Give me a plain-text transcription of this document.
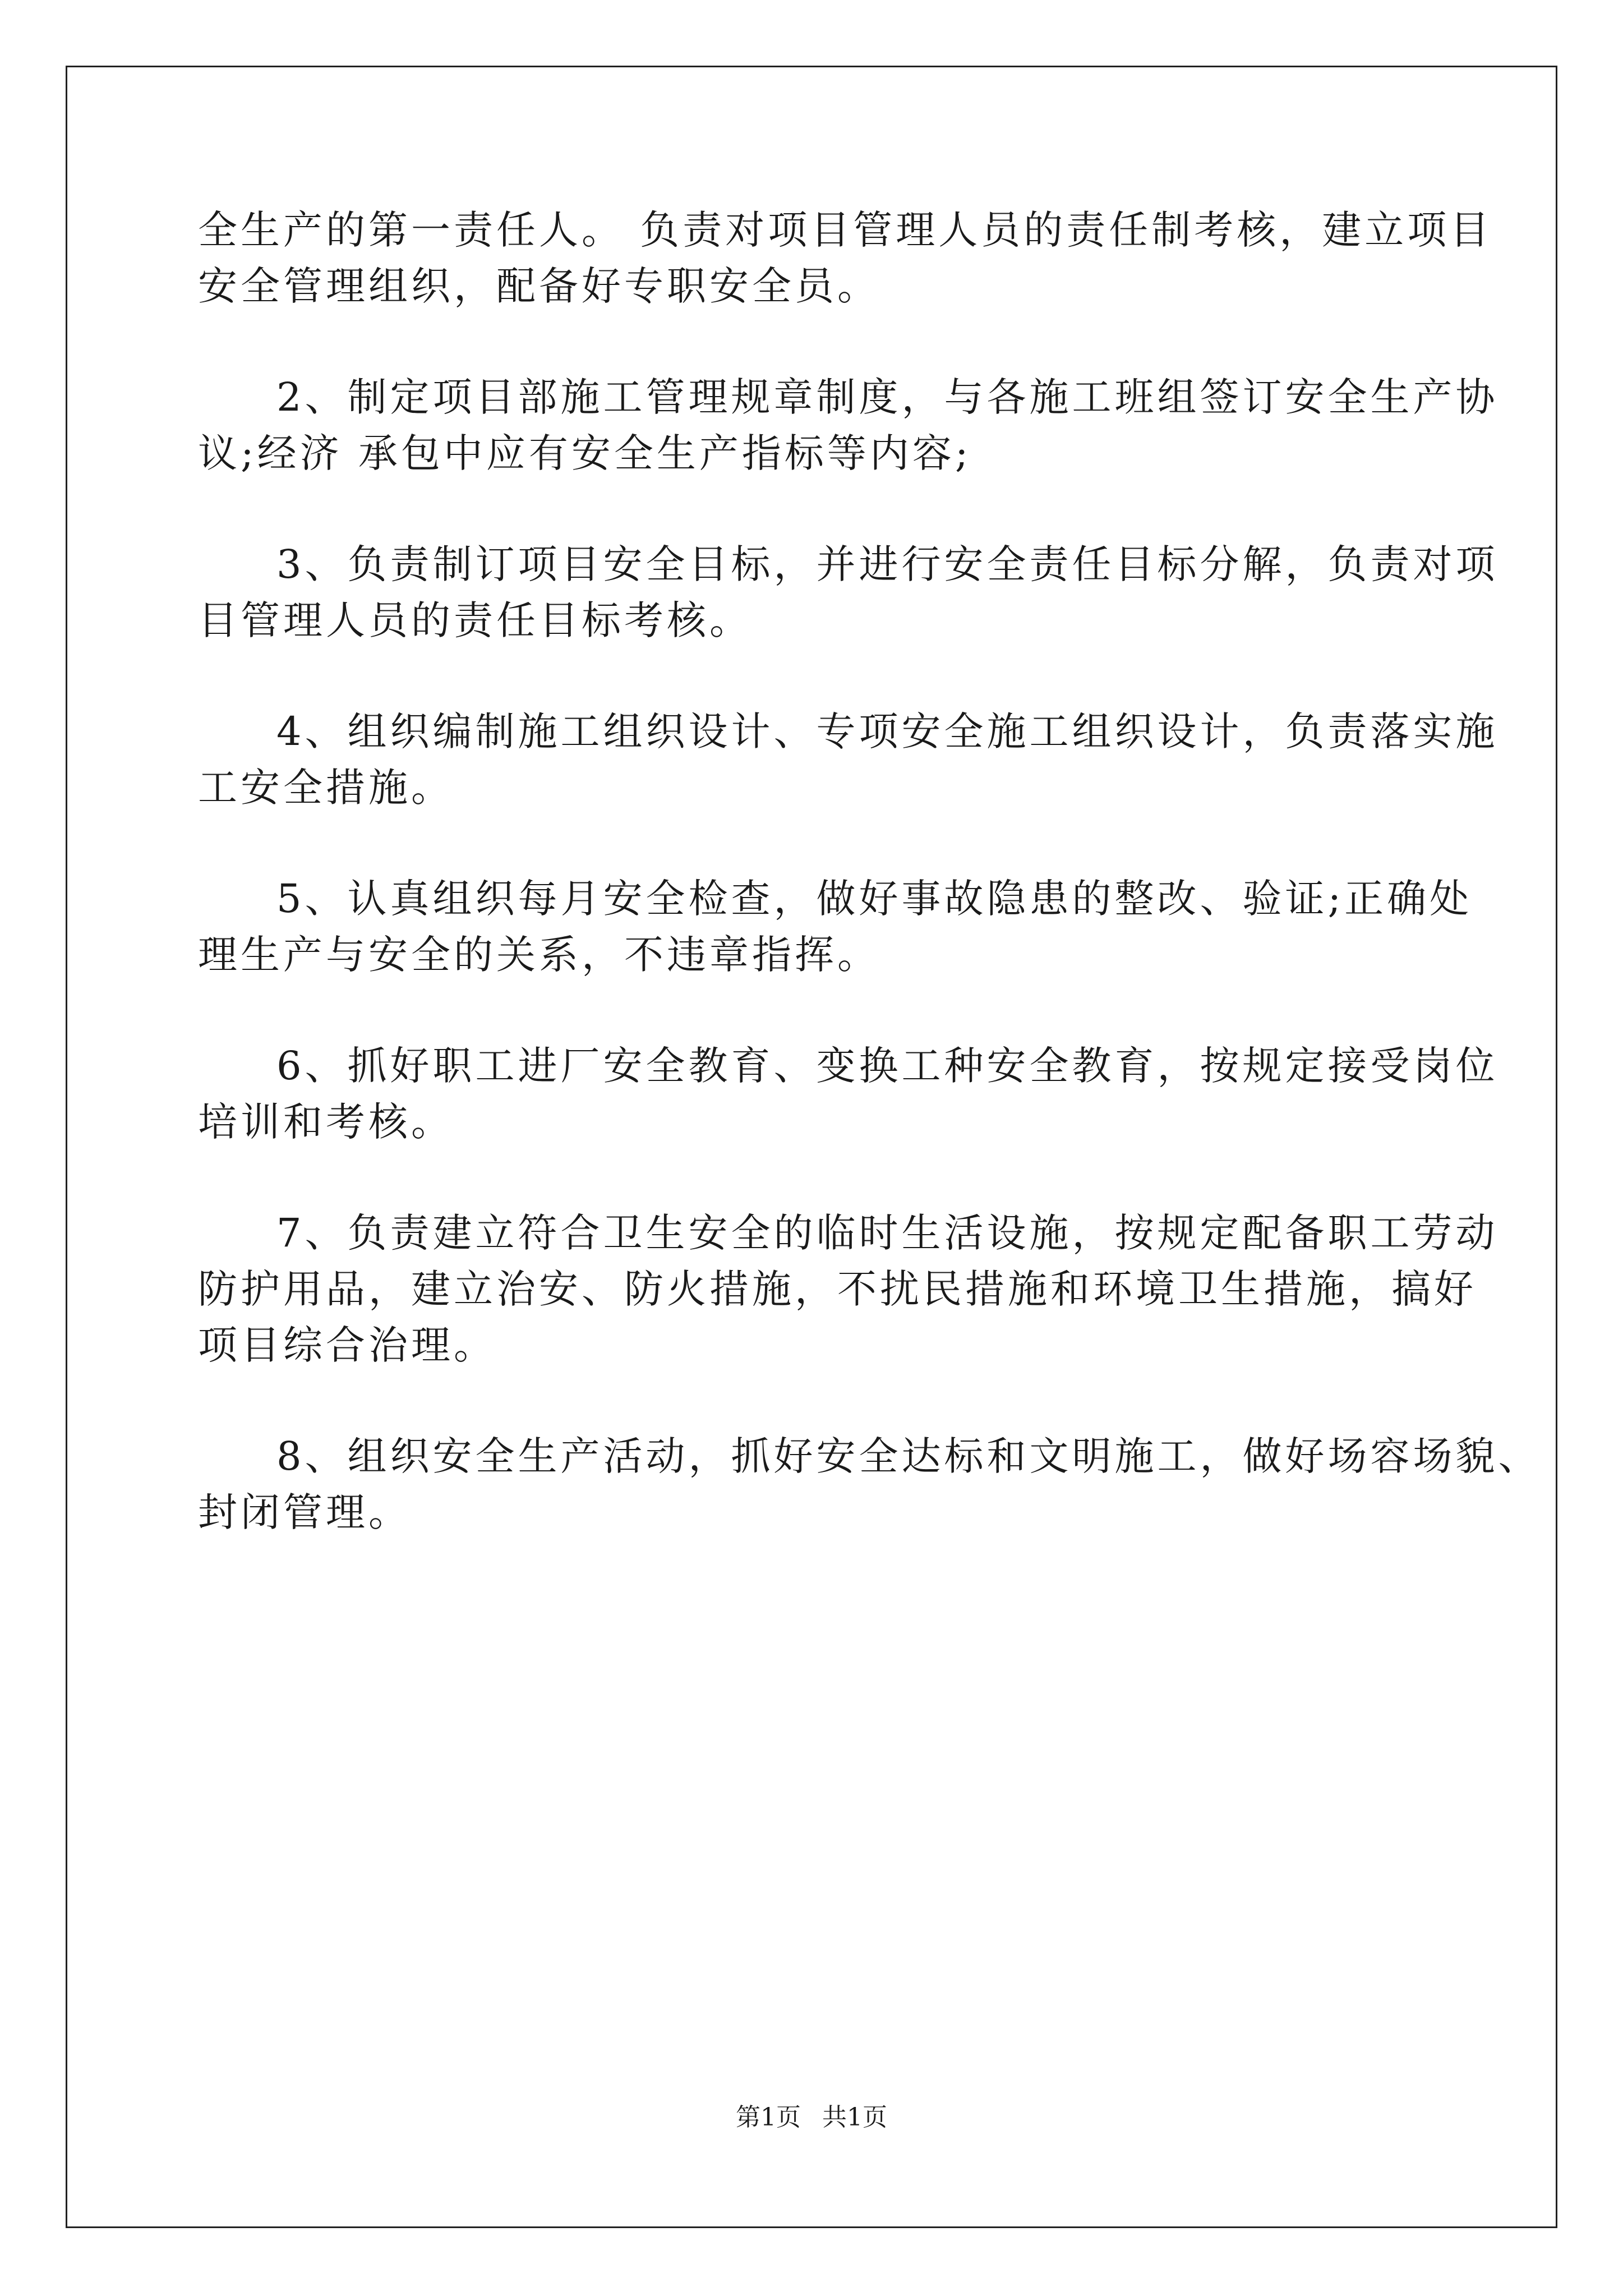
全生产的第一责任人。 负责对项目管理人员的责任制考核，建立项目
安全管理组织，配备好专职安全员。
2、制定项目部施工管理规章制度，与各施工班组签订安全生产协
议;经济 承包中应有安全生产指标等内容;
3、负责制订项目安全目标，并进行安全责任目标分解，负责对项
目管理人员的责任目标考核。
4、组织编制施工组织设计、专项安全施工组织设计，负责落实施
工安全措施。
5、认真组织每月安全检查，做好事故隐患的整改、验证;正确处
理生产与安全的关系，不违章指挥。
6、抓好职工进厂安全教育、变换工种安全教育，按规定接受岗位
培训和考核。
7、负责建立符合卫生安全的临时生活设施，按规定配备职工劳动
防护用品，建立治安、防火措施，不扰民措施和环境卫生措施，搞好
项目综合治理。
8、组织安全生产活动，抓好安全达标和文明施工，做好场容场貌、
封闭管理。
第1页 共1页
